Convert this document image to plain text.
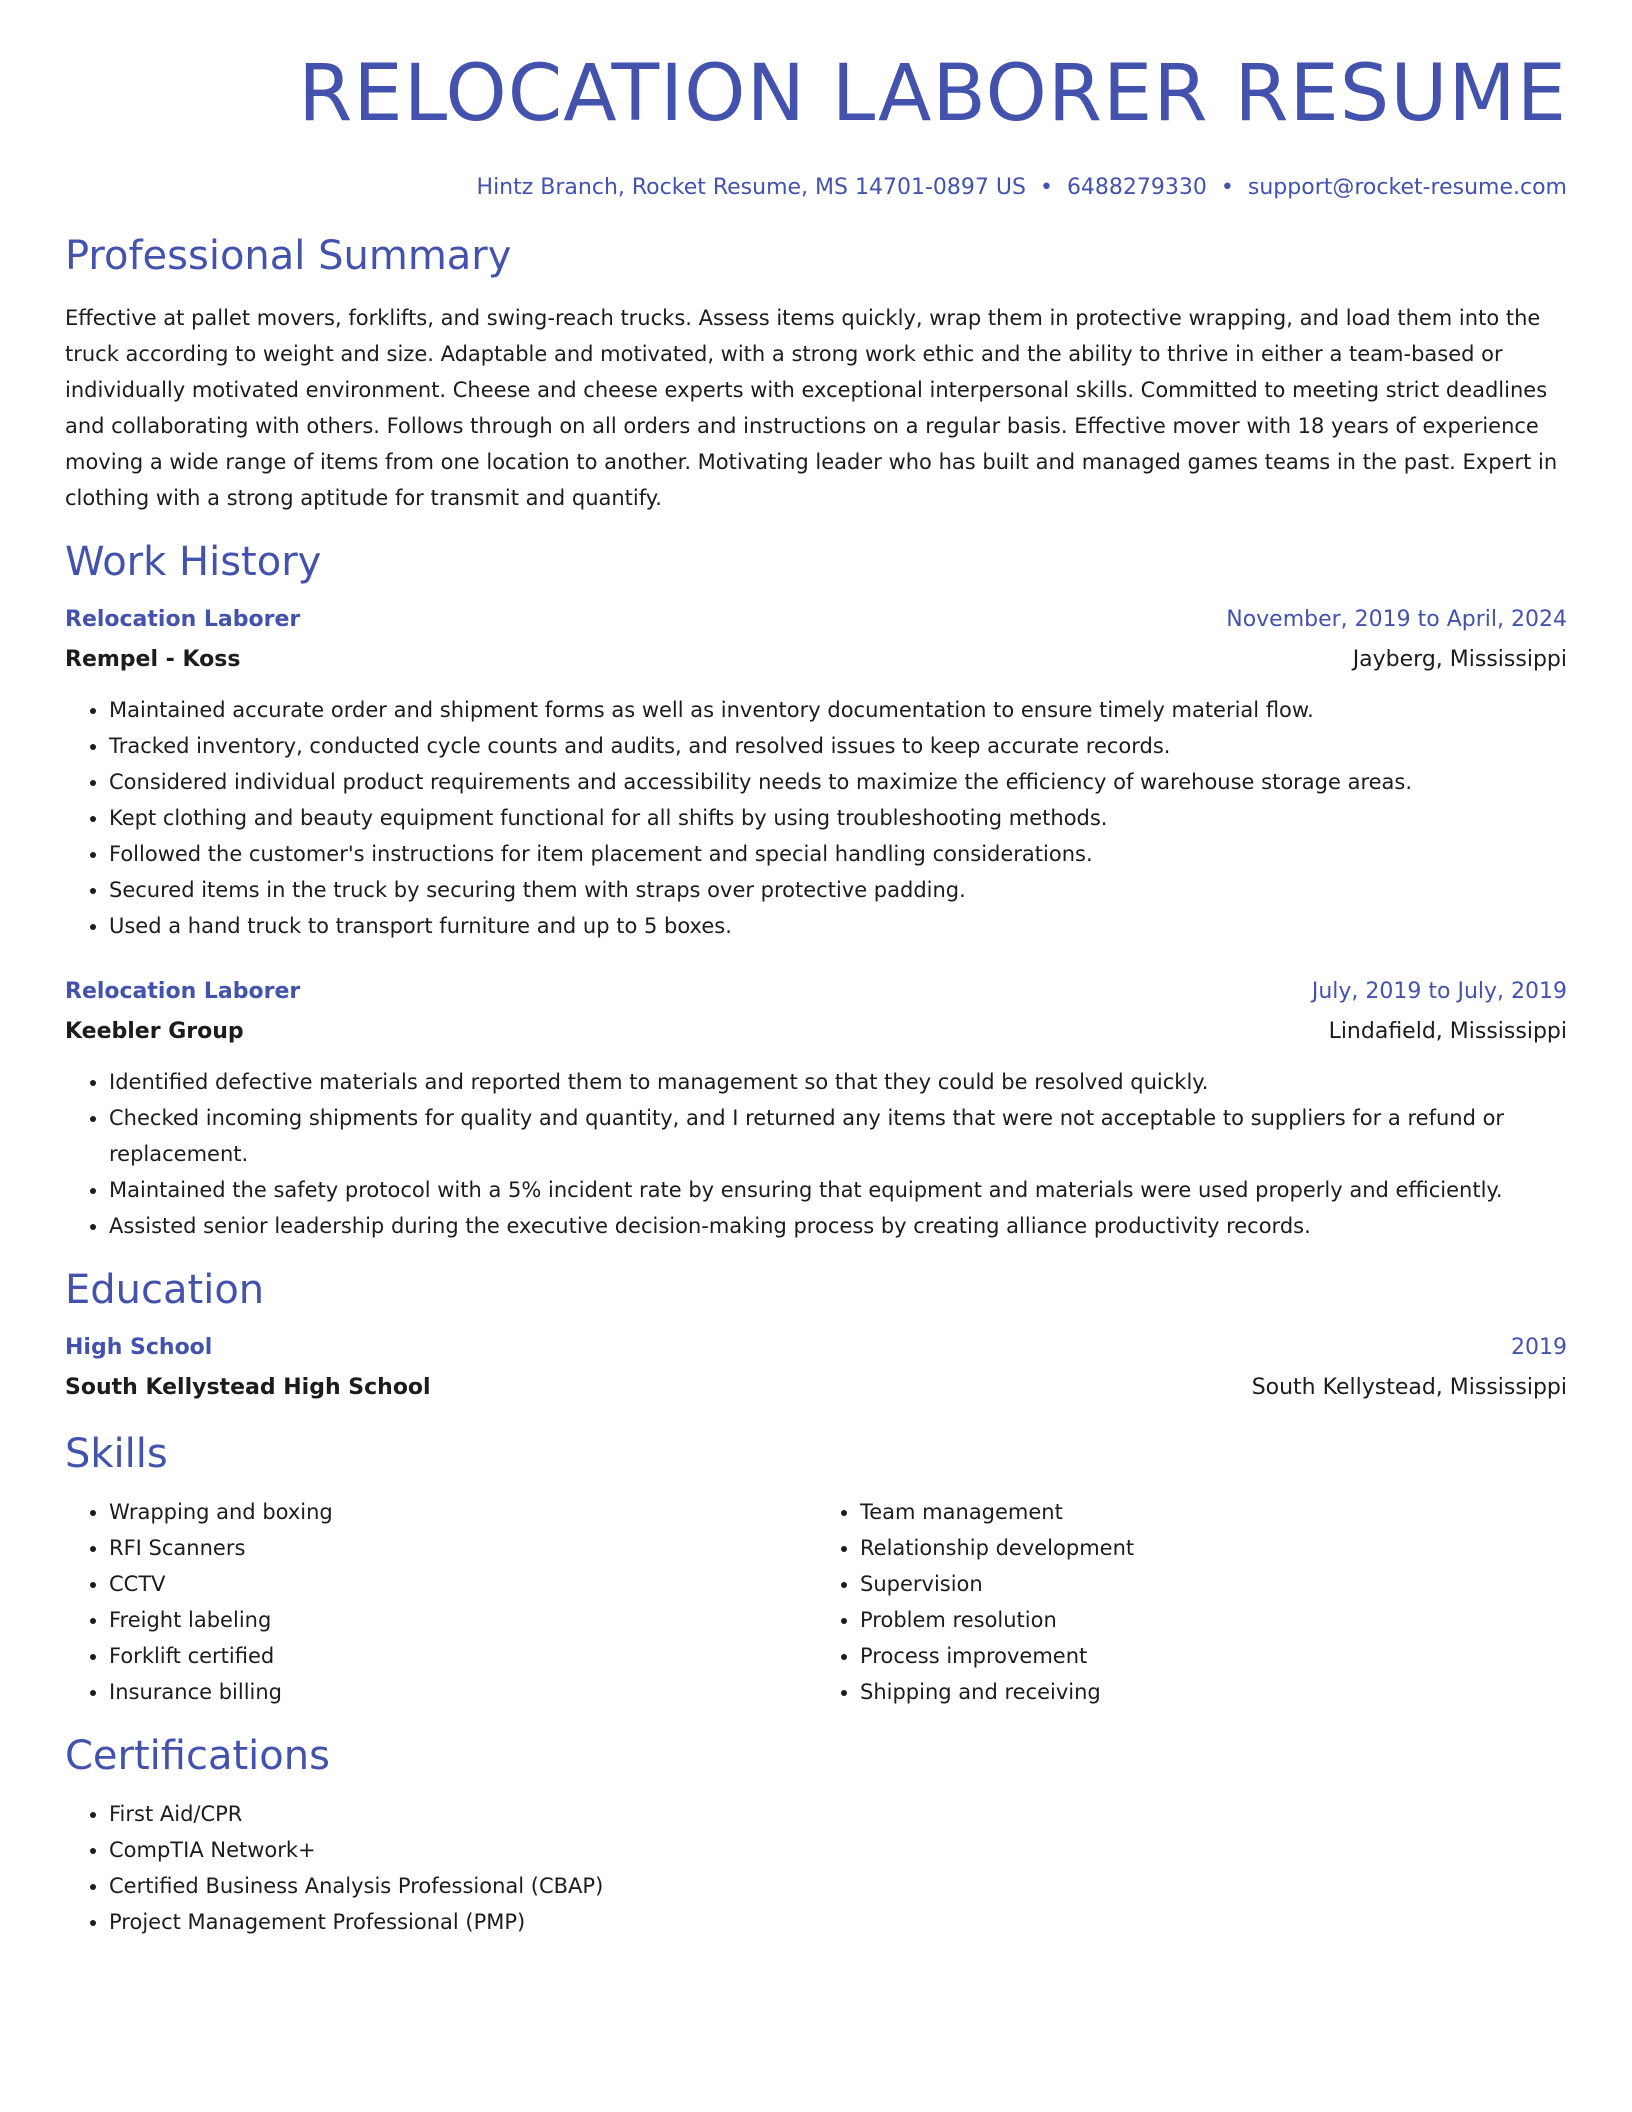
RELOCATION LABORER RESUME
Hintz Branch, Rocket Resume, MS 14701-0897 US • 6488279330 • support@rocket-resume.com
Professional Summary
Effective at pallet movers, forklifts, and swing-reach trucks. Assess items quickly, wrap them in protective wrapping, and load them into the truck according to weight and size. Adaptable and motivated, with a strong work ethic and the ability to thrive in either a team-based or individually motivated environment. Cheese and cheese experts with exceptional interpersonal skills. Committed to meeting strict deadlines and collaborating with others. Follows through on all orders and instructions on a regular basis. Effective mover with 18 years of experience moving a wide range of items from one location to another. Motivating leader who has built and managed games teams in the past. Expert in clothing with a strong aptitude for transmit and quantify.
Work History
Relocation Laborer	November, 2019 to April, 2024
Rempel - Koss	Jayberg, Mississippi
• Maintained accurate order and shipment forms as well as inventory documentation to ensure timely material flow.
• Tracked inventory, conducted cycle counts and audits, and resolved issues to keep accurate records.
• Considered individual product requirements and accessibility needs to maximize the efficiency of warehouse storage areas.
• Kept clothing and beauty equipment functional for all shifts by using troubleshooting methods.
• Followed the customer's instructions for item placement and special handling considerations.
• Secured items in the truck by securing them with straps over protective padding.
• Used a hand truck to transport furniture and up to 5 boxes.
Relocation Laborer	July, 2019 to July, 2019
Keebler Group	Lindafield, Mississippi
• Identified defective materials and reported them to management so that they could be resolved quickly.
• Checked incoming shipments for quality and quantity, and I returned any items that were not acceptable to suppliers for a refund or replacement.
• Maintained the safety protocol with a 5% incident rate by ensuring that equipment and materials were used properly and efficiently.
• Assisted senior leadership during the executive decision-making process by creating alliance productivity records.
Education
High School	2019
South Kellystead High School	South Kellystead, Mississippi
Skills
• Wrapping and boxing
• RFI Scanners
• CCTV
• Freight labeling
• Forklift certified
• Insurance billing
• Team management
• Relationship development
• Supervision
• Problem resolution
• Process improvement
• Shipping and receiving
Certifications
• First Aid/CPR
• CompTIA Network+
• Certified Business Analysis Professional (CBAP)
• Project Management Professional (PMP)
